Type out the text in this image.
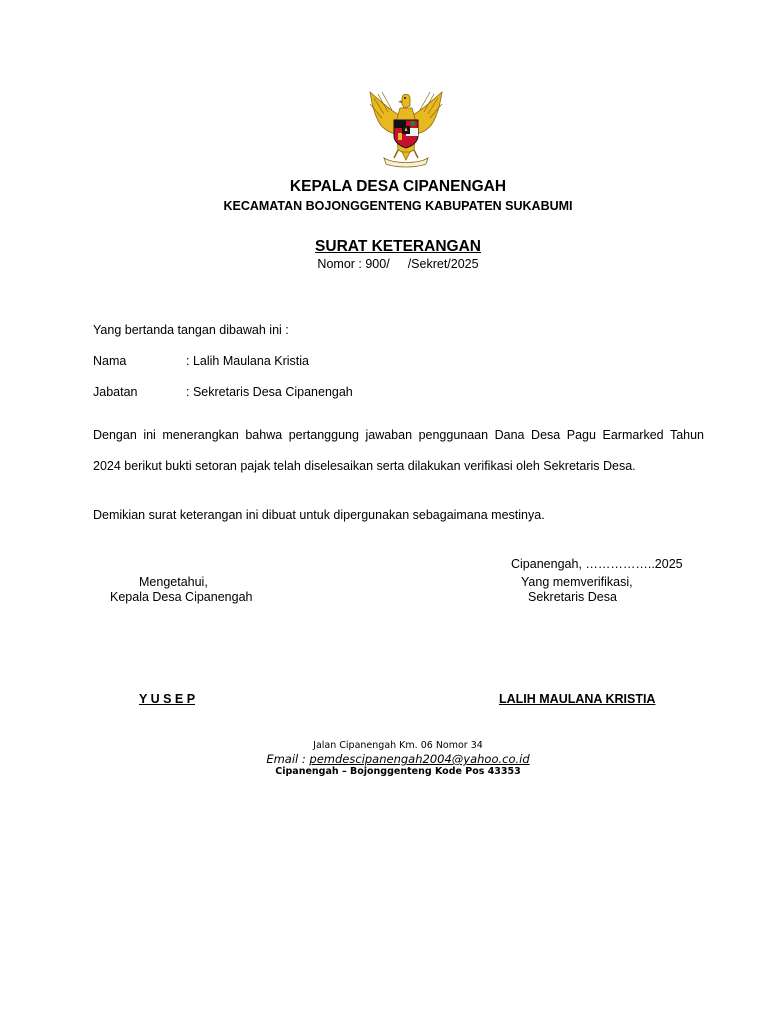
KEPALA DESA CIPANENGAH
KECAMATAN BOJONGGENTENG KABUPATEN SUKABUMI
SURAT KETERANGAN
Nomor : 900/ /Sekret/2025
Yang bertanda tangan dibawah ini :
Nama	: Lalih Maulana Kristia
Jabatan	: Sekretaris Desa Cipanengah
Dengan ini menerangkan bahwa pertanggung jawaban penggunaan Dana Desa Pagu Earmarked Tahun
2024 berikut bukti setoran pajak telah diselesaikan serta dilakukan verifikasi oleh Sekretaris Desa.
Demikian surat keterangan ini dibuat untuk dipergunakan sebagaimana mestinya.
Cipanengah, ……………..2025
Mengetahui,
Kepala Desa Cipanengah
Yang memverifikasi,
Sekretaris Desa
Y U S E P	LALIH MAULANA KRISTIA
Jalan Cipanengah Km. 06 Nomor 34
Email : pemdescipanengah2004@yahoo.co.id
Cipanengah – Bojonggenteng Kode Pos 43353
